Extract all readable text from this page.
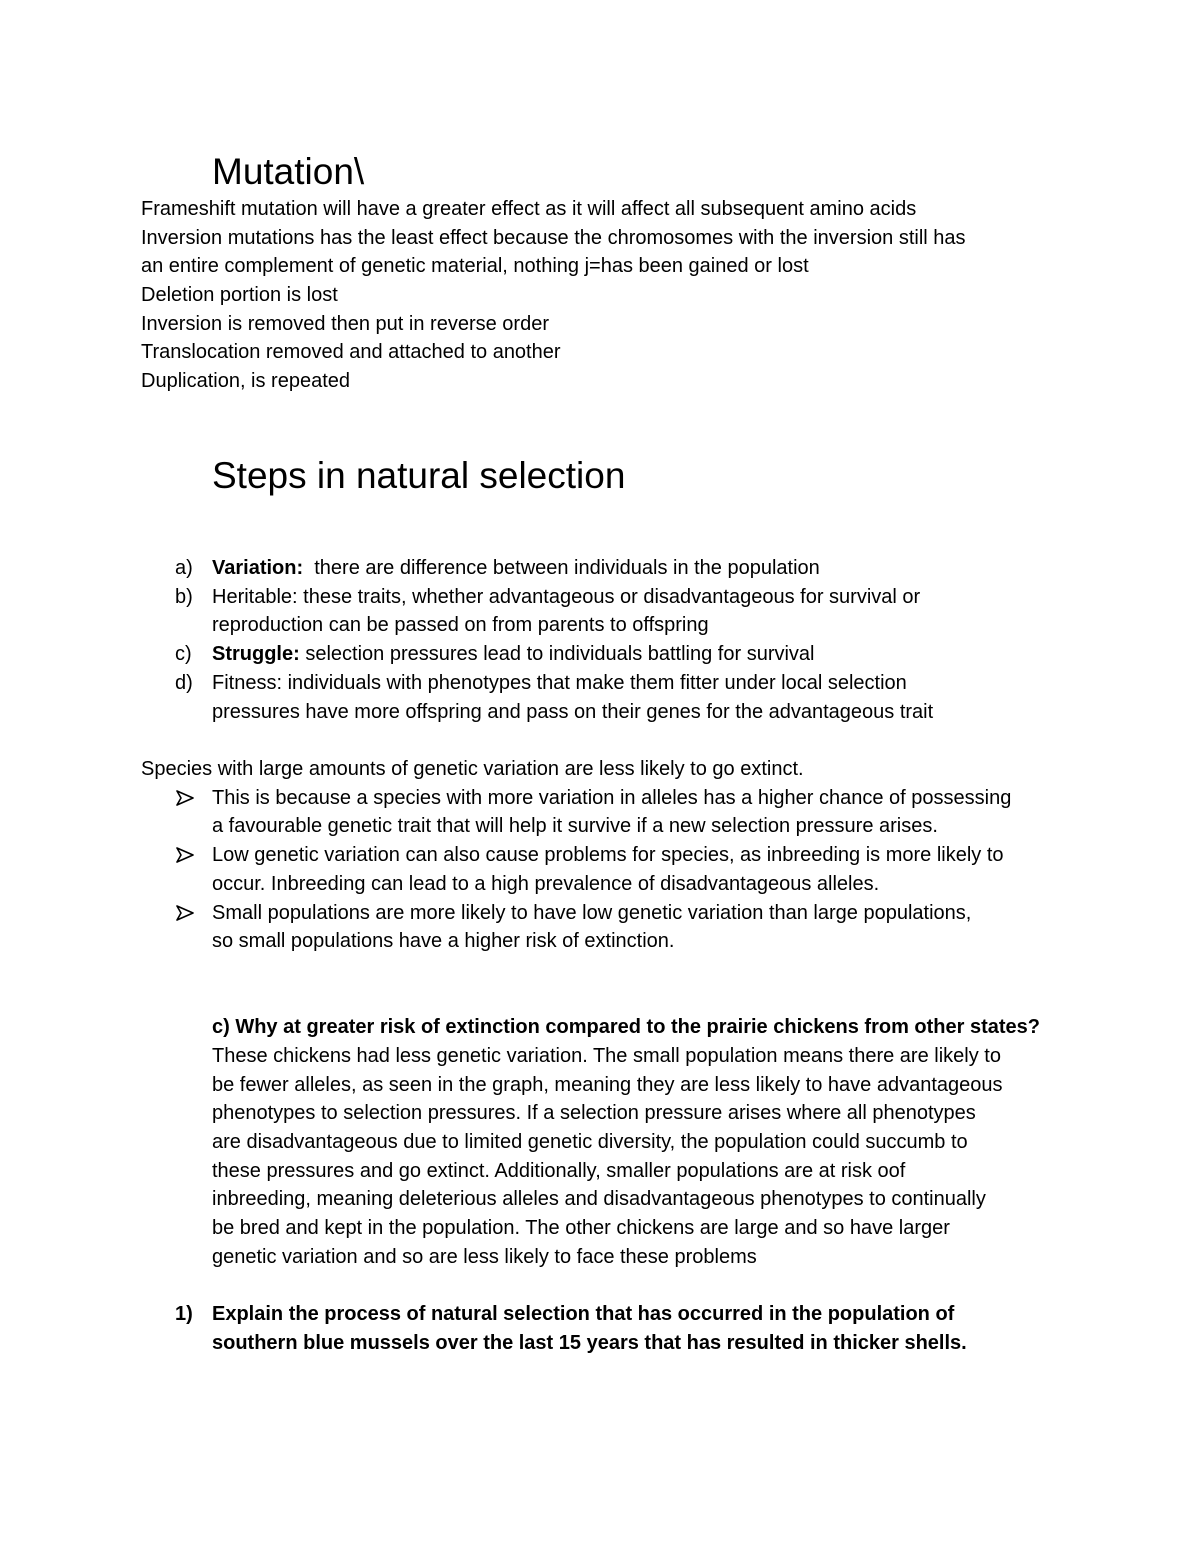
Mutation\
Frameshift mutation will have a greater effect as it will affect all subsequent amino acids
Inversion mutations has the least effect because the chromosomes with the inversion still has
an entire complement of genetic material, nothing j=has been gained or lost
Deletion portion is lost
Inversion is removed then put in reverse order
Translocation removed and attached to another
Duplication, is repeated
Steps in natural selection
a) Variation:  there are difference between individuals in the population
b) Heritable: these traits, whether advantageous or disadvantageous for survival or
reproduction can be passed on from parents to offspring
c) Struggle: selection pressures lead to individuals battling for survival
d) Fitness: individuals with phenotypes that make them fitter under local selection
pressures have more offspring and pass on their genes for the advantageous trait
Species with large amounts of genetic variation are less likely to go extinct.
This is because a species with more variation in alleles has a higher chance of possessing
a favourable genetic trait that will help it survive if a new selection pressure arises.
Low genetic variation can also cause problems for species, as inbreeding is more likely to
occur. Inbreeding can lead to a high prevalence of disadvantageous alleles.
Small populations are more likely to have low genetic variation than large populations,
so small populations have a higher risk of extinction.
c) Why at greater risk of extinction compared to the prairie chickens from other states?
These chickens had less genetic variation. The small population means there are likely to
be fewer alleles, as seen in the graph, meaning they are less likely to have advantageous
phenotypes to selection pressures. If a selection pressure arises where all phenotypes
are disadvantageous due to limited genetic diversity, the population could succumb to
these pressures and go extinct. Additionally, smaller populations are at risk oof
inbreeding, meaning deleterious alleles and disadvantageous phenotypes to continually
be bred and kept in the population. The other chickens are large and so have larger
genetic variation and so are less likely to face these problems
1) Explain the process of natural selection that has occurred in the population of
southern blue mussels over the last 15 years that has resulted in thicker shells.
